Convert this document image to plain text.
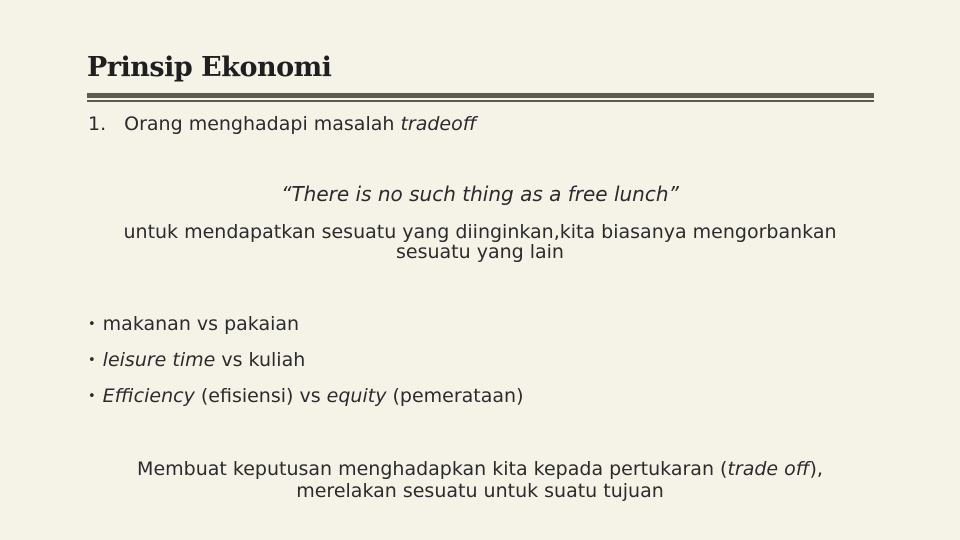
Prinsip Ekonomi
1. Orang menghadapi masalah tradeoff
“There is no such thing as a free lunch”
untuk mendapatkan sesuatu yang diinginkan,kita biasanya mengorbankan sesuatu yang lain
• makanan vs pakaian
• leisure time vs kuliah
• Efficiency (efisiensi) vs equity (pemerataan)
Membuat keputusan menghadapkan kita kepada pertukaran (trade off), merelakan sesuatu untuk suatu tujuan
